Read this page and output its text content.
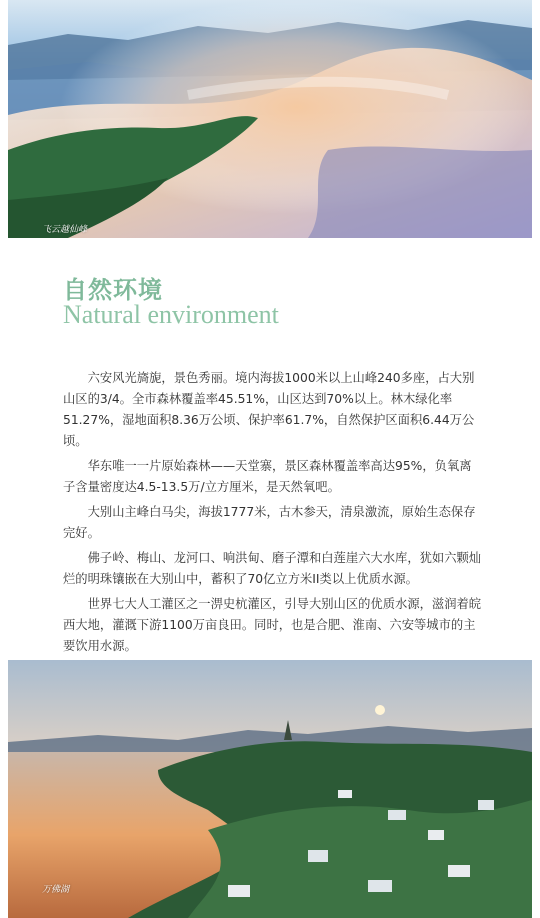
飞云越仙峰
自然环境
Natural environment

六安风光旖旎，景色秀丽。境内海拔1000米以上山峰240多座，占大别山区的3/4。全市森林覆盖率45.51%，山区达到70%以上。林木绿化率51.27%，湿地面积8.36万公顷、保护率61.7%，自然保护区面积6.44万公顷。

华东唯一一片原始森林——天堂寨，景区森林覆盖率高达95%，负氧离子含量密度达4.5-13.5万/立方厘米，是天然氧吧。

大别山主峰白马尖，海拔1777米，古木参天，清泉激流，原始生态保存完好。

佛子岭、梅山、龙河口、响洪甸、磨子潭和白莲崖六大水库，犹如六颗灿烂的明珠镶嵌在大别山中，蓄积了70亿立方米II类以上优质水源。

世界七大人工灌区之一淠史杭灌区，引导大别山区的优质水源，滋润着皖西大地，灌溉下游1100万亩良田。同时，也是合肥、淮南、六安等城市的主要饮用水源。

万佛湖
